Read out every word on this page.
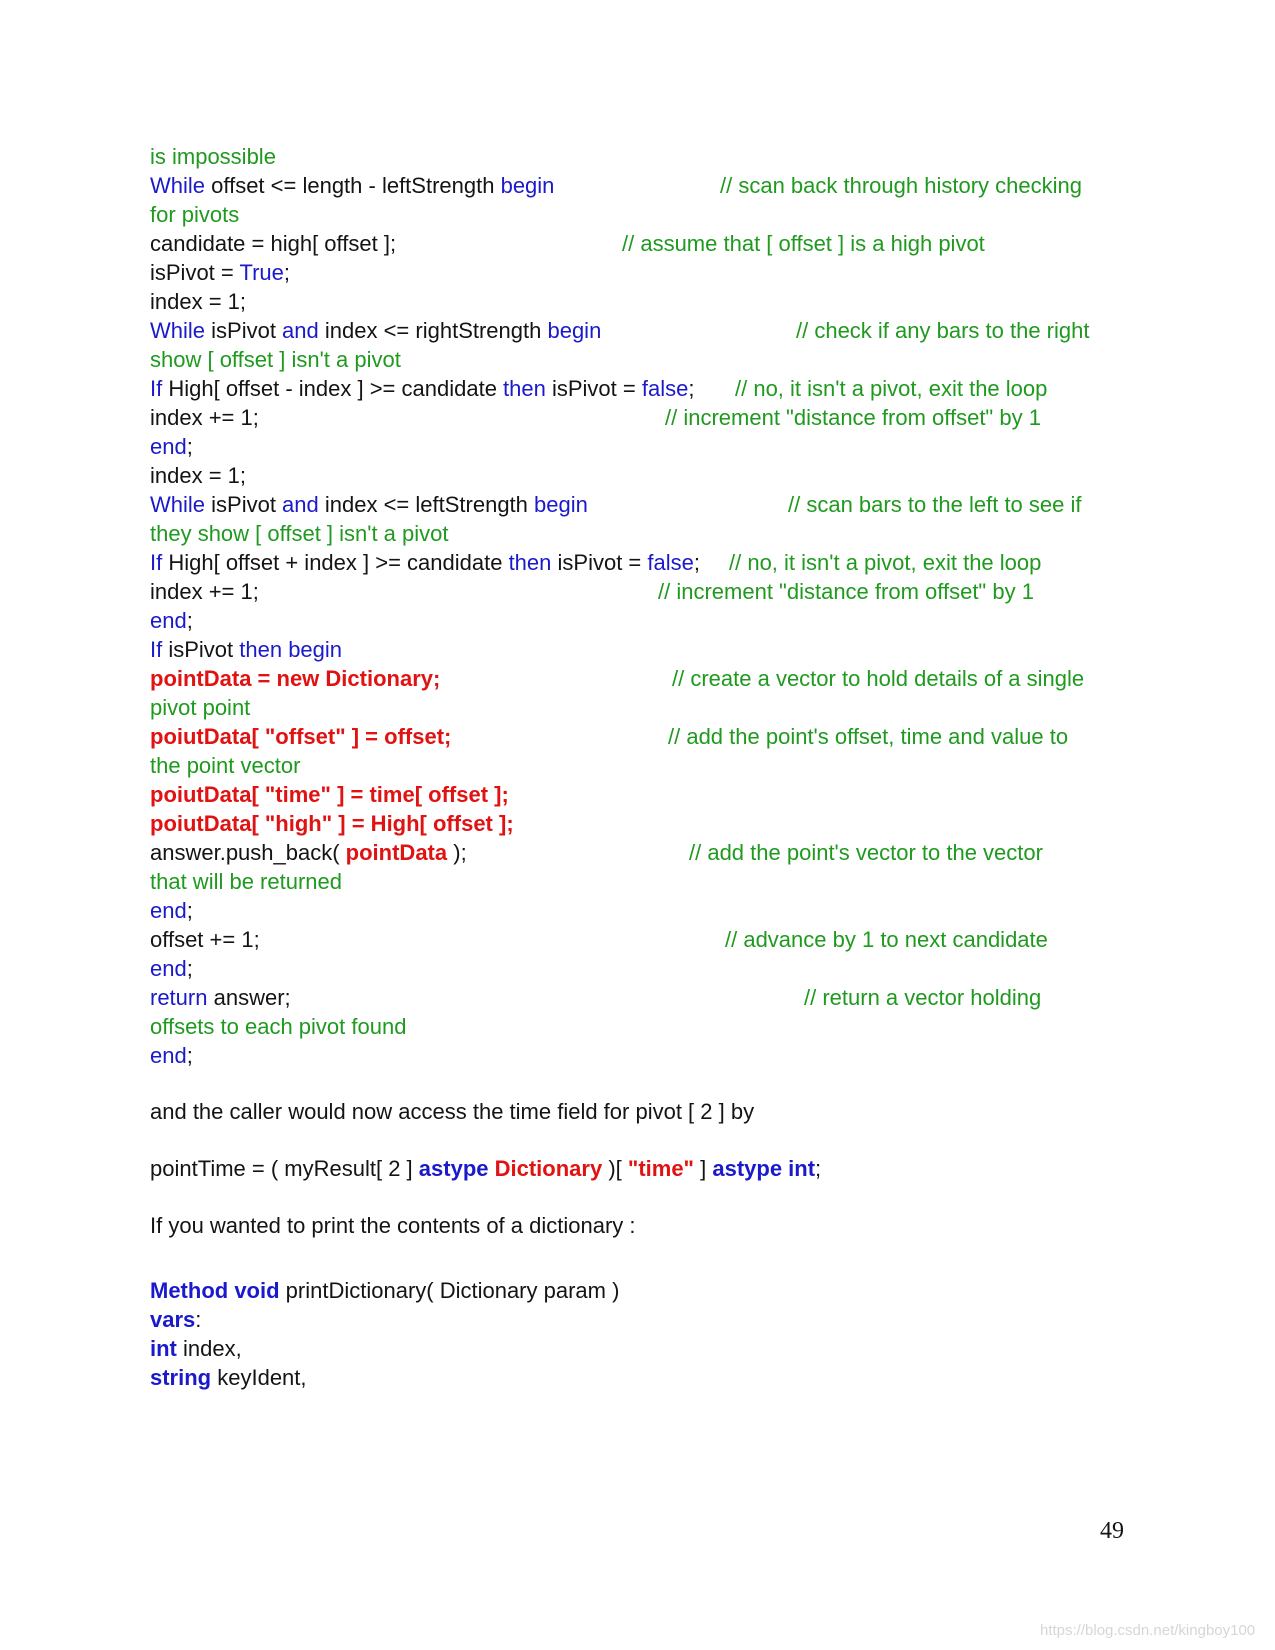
is impossible
While offset <= length - leftStrength begin	// scan back through history checking
for pivots
candidate = high[ offset ];	// assume that [ offset ] is a high pivot
isPivot = True;
index = 1;
While isPivot and index <= rightStrength begin	// check if any bars to the right
show [ offset ] isn't a pivot
If High[ offset - index ] >= candidate then isPivot = false; // no, it isn't a pivot, exit the loop
index += 1;	// increment "distance from offset" by 1
end;
index = 1;
While isPivot and index <= leftStrength begin	// scan bars to the left to see if
they show [ offset ] isn't a pivot
If High[ offset + index ] >= candidate then isPivot = false; // no, it isn't a pivot, exit the loop
index += 1;	// increment "distance from offset" by 1
end;
If isPivot then begin
pointData = new Dictionary;	// create a vector to hold details of a single
pivot point
poiutData[ "offset" ] = offset;	// add the point's offset, time and value to
the point vector
poiutData[ "time" ] = time[ offset ];
poiutData[ "high" ] = High[ offset ];
answer.push_back( pointData );	// add the point's vector to the vector
that will be returned
end;
offset += 1;	// advance by 1 to next candidate
end;
return answer;	// return a vector holding
offsets to each pivot found
end;
and the caller would now access the time field for pivot [ 2 ] by
pointTime = ( myResult[ 2 ] astype Dictionary )[ "time" ] astype int;
If you wanted to print the contents of a dictionary :
Method void printDictionary( Dictionary param )
vars:
int index,
string keyIdent,
49
https://blog.csdn.net/kingboy100
